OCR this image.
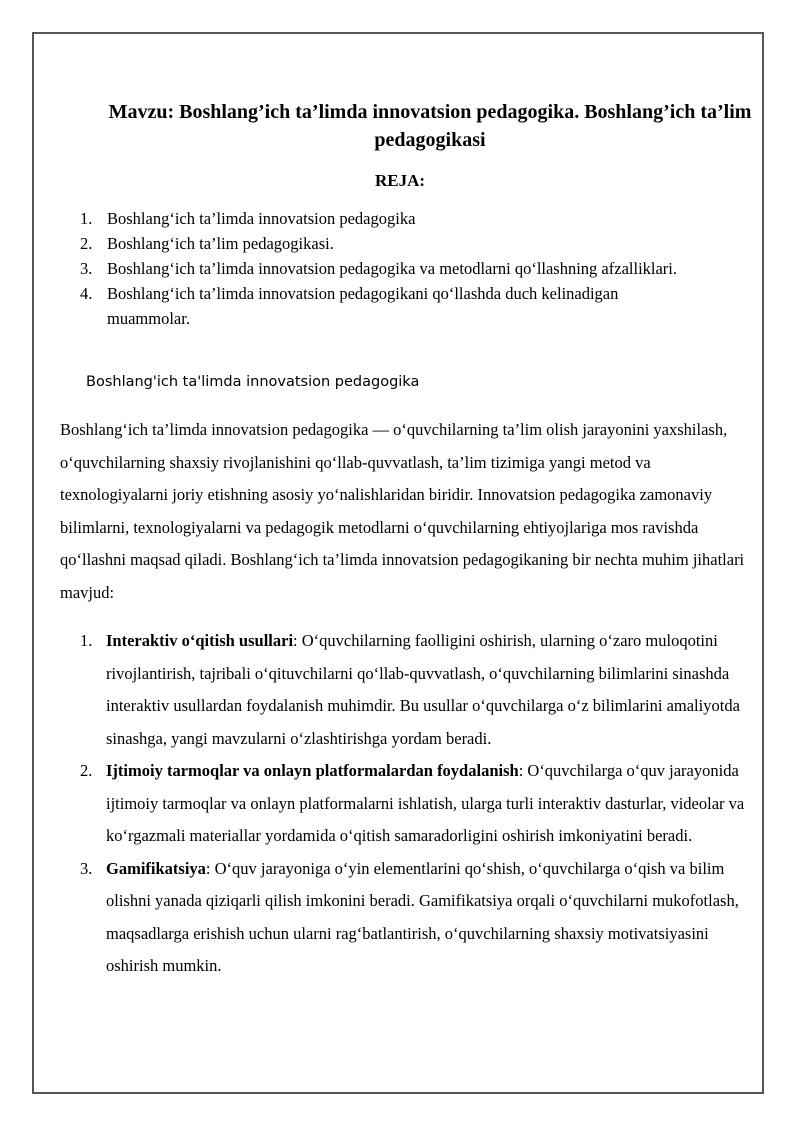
Mavzu: Boshlang’ich ta’limda innovatsion pedagogika. Boshlang’ich ta’lim pedagogikasi
REJA:
1. Boshlang‘ich ta’limda innovatsion pedagogika
2. Boshlang‘ich ta’lim pedagogikasi.
3. Boshlang‘ich ta’limda innovatsion pedagogika va metodlarni qo‘llashning afzalliklari.
4. Boshlang‘ich ta’limda innovatsion pedagogikani qo‘llashda duch kelinadigan muammolar.
Boshlang'ich ta'limda innovatsion pedagogika

Boshlang‘ich ta’limda innovatsion pedagogika — o‘quvchilarning ta’lim olish jarayonini yaxshilash, o‘quvchilarning shaxsiy rivojlanishini qo‘llab-quvvatlash, ta’lim tizimiga yangi metod va texnologiyalarni joriy etishning asosiy yo‘nalishlaridan biridir. Innovatsion pedagogika zamonaviy bilimlarni, texnologiyalarni va pedagogik metodlarni o‘quvchilarning ehtiyojlariga mos ravishda qo‘llashni maqsad qiladi. Boshlang‘ich ta’limda innovatsion pedagogikaning bir nechta muhim jihatlari mavjud:

1. Interaktiv o‘qitish usullari: O‘quvchilarning faolligini oshirish, ularning o‘zaro muloqotini rivojlantirish, tajribali o‘qituvchilarni qo‘llab-quvvatlash, o‘quvchilarning bilimlarini sinashda interaktiv usullardan foydalanish muhimdir. Bu usullar o‘quvchilarga o‘z bilimlarini amaliyotda sinashga, yangi mavzularni o‘zlashtirishga yordam beradi.
2. Ijtimoiy tarmoqlar va onlayn platformalardan foydalanish: O‘quvchilarga o‘quv jarayonida ijtimoiy tarmoqlar va onlayn platformalarni ishlatish, ularga turli interaktiv dasturlar, videolar va ko‘rgazmali materiallar yordamida o‘qitish samaradorligini oshirish imkoniyatini beradi.
3. Gamifikatsiya: O‘quv jarayoniga o‘yin elementlarini qo‘shish, o‘quvchilarga o‘qish va bilim olishni yanada qiziqarli qilish imkonini beradi. Gamifikatsiya orqali o‘quvchilarni mukofotlash, maqsadlarga erishish uchun ularni rag‘batlantirish, o‘quvchilarning shaxsiy motivatsiyasini oshirish mumkin.
